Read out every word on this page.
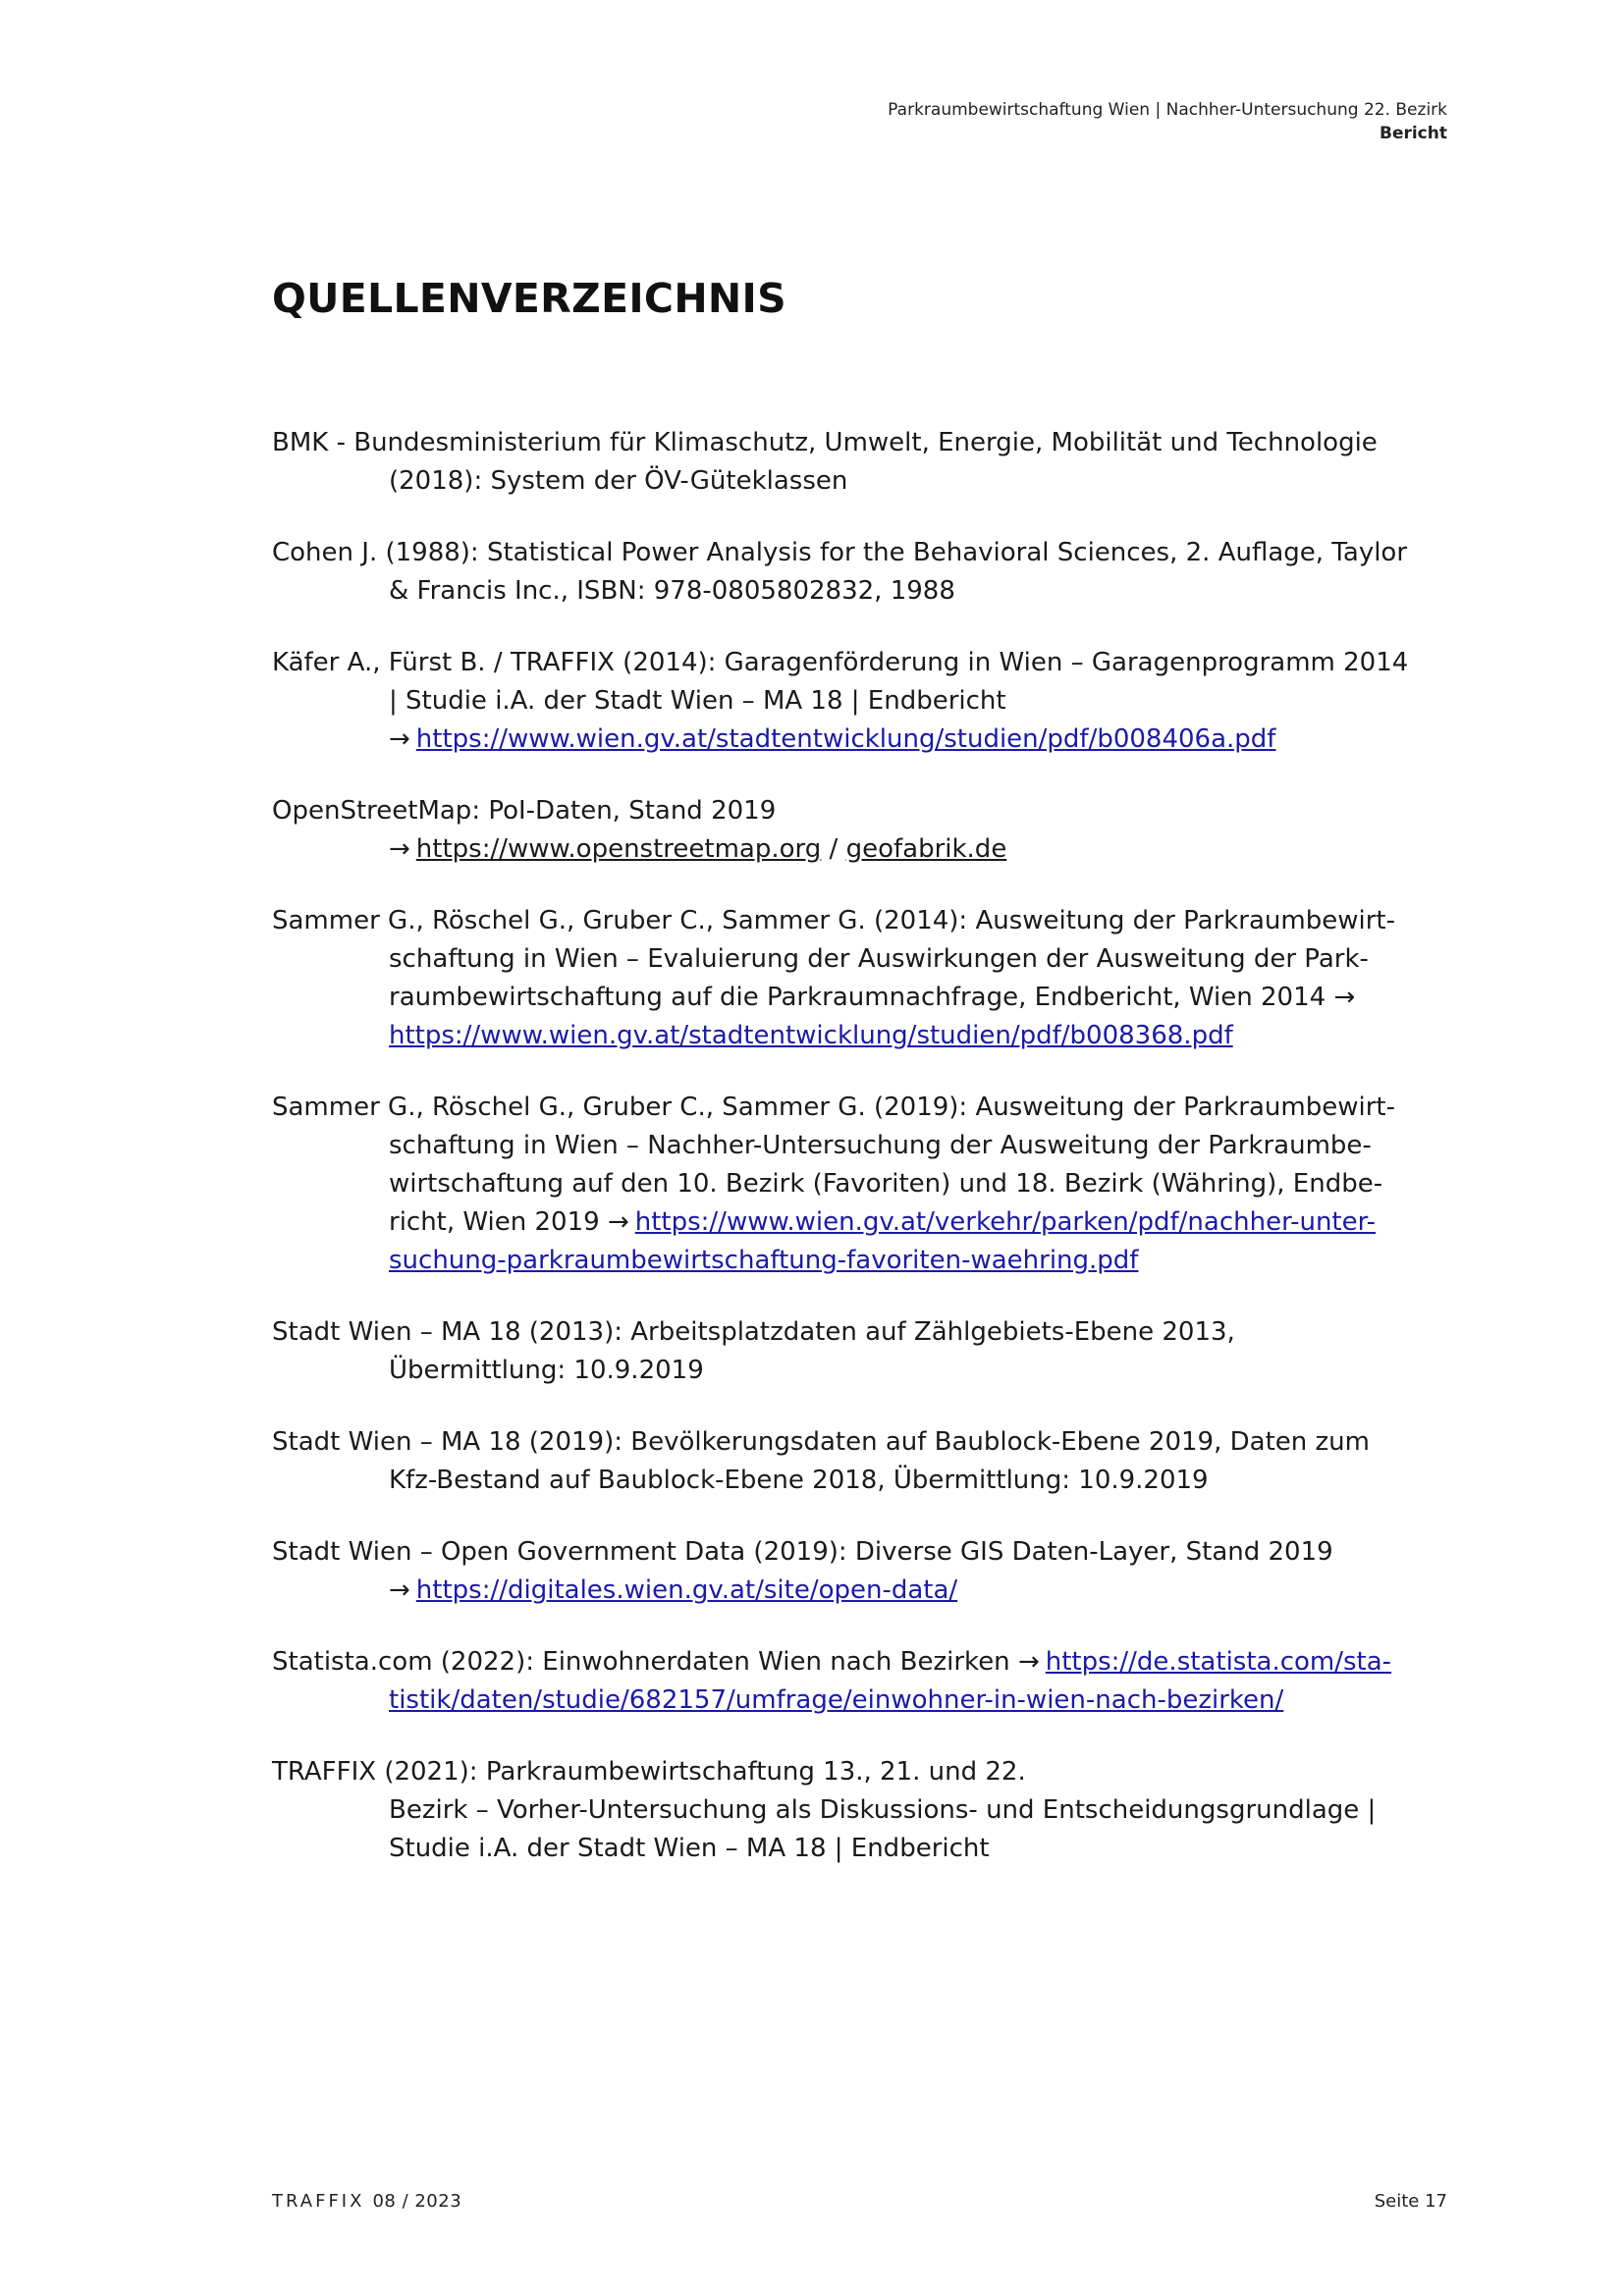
Parkraumbewirtschaftung Wien | Nachher-Untersuchung 22. Bezirk
Bericht
QUELLENVERZEICHNIS
BMK - Bundesministerium für Klimaschutz, Umwelt, Energie, Mobilität und Technologie
(2018): System der ÖV-Güteklassen
Cohen J. (1988): Statistical Power Analysis for the Behavioral Sciences, 2. Auflage, Taylor
& Francis Inc., ISBN: 978-0805802832, 1988
Käfer A., Fürst B. / TRAFFIX (2014): Garagenförderung in Wien – Garagenprogramm 2014
| Studie i.A. der Stadt Wien – MA 18 | Endbericht
→ https://www.wien.gv.at/stadtentwicklung/studien/pdf/b008406a.pdf
OpenStreetMap: PoI-Daten, Stand 2019
→ https://www.openstreetmap.org / geofabrik.de
Sammer G., Röschel G., Gruber C., Sammer G. (2014): Ausweitung der Parkraumbewirt-
schaftung in Wien – Evaluierung der Auswirkungen der Ausweitung der Park-
raumbewirtschaftung auf die Parkraumnachfrage, Endbericht, Wien 2014 →
https://www.wien.gv.at/stadtentwicklung/studien/pdf/b008368.pdf
Sammer G., Röschel G., Gruber C., Sammer G. (2019): Ausweitung der Parkraumbewirt-
schaftung in Wien – Nachher-Untersuchung der Ausweitung der Parkraumbe-
wirtschaftung auf den 10. Bezirk (Favoriten) und 18. Bezirk (Währing), Endbe-
richt, Wien 2019 → https://www.wien.gv.at/verkehr/parken/pdf/nachher-unter-
suchung-parkraumbewirtschaftung-favoriten-waehring.pdf
Stadt Wien – MA 18 (2013): Arbeitsplatzdaten auf Zählgebiets-Ebene 2013,
Übermittlung: 10.9.2019
Stadt Wien – MA 18 (2019): Bevölkerungsdaten auf Baublock-Ebene 2019, Daten zum
Kfz-Bestand auf Baublock-Ebene 2018, Übermittlung: 10.9.2019
Stadt Wien – Open Government Data (2019): Diverse GIS Daten-Layer, Stand 2019
→ https://digitales.wien.gv.at/site/open-data/
Statista.com (2022): Einwohnerdaten Wien nach Bezirken → https://de.statista.com/sta-
tistik/daten/studie/682157/umfrage/einwohner-in-wien-nach-bezirken/
TRAFFIX (2021): Parkraumbewirtschaftung 13., 21. und 22.
Bezirk – Vorher-Untersuchung als Diskussions- und Entscheidungsgrundlage |
Studie i.A. der Stadt Wien – MA 18 | Endbericht
TRAFFIX 08 / 2023	Seite 17
